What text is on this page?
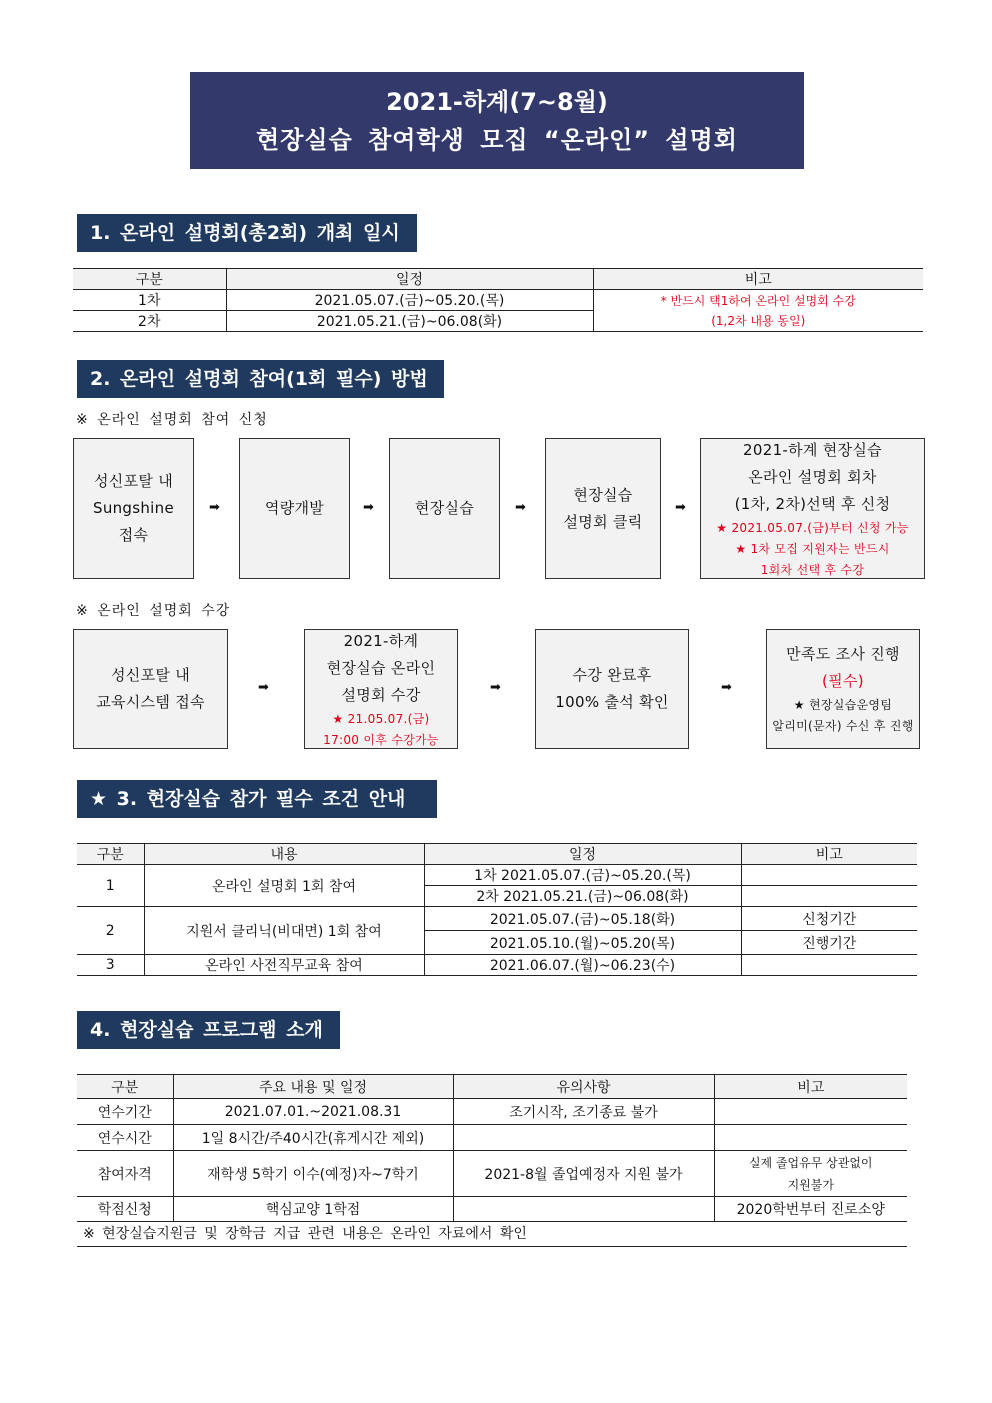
2021-하계(7~8월)
현장실습 참여학생 모집 “온라인” 설명회
1. 온라인 설명회(총2회) 개최 일시
구분	일정	비고
1차	2021.05.07.(금)~05.20.(목)	* 반드시 택1하여 온라인 설명회 수강
(1,2차 내용 동일)

2차	2021.05.21.(금)~06.08(화)	
2. 온라인 설명회 참여(1회 필수) 방법
※ 온라인 설명회 참여 신청
성신포탈 내
Sungshine
접속
➡	역량개발	➡	현장실습	➡
현장실습
설명회 클릭
➡
2021-하계 현장실습
온라인 설명회 회차
(1차, 2차)선택 후 신청
★ 2021.05.07.(금)부터 신청 가능
★ 1차 모집 지원자는 반드시
1회차 선택 후 수강
※ 온라인 설명회 수강
성신포탈 내
교육시스템 접속
➡
2021-하계
현장실습 온라인
설명회 수강
★ 21.05.07.(금)
17:00 이후 수강가능
➡
수강 완료후
100% 출석 확인
➡
만족도 조사 진행
(필수)
★ 현장실습운영팀
알리미(문자) 수신 후 진행
★ 3. 현장실습 참가 필수 조건 안내
구분	내용	일정	비고
1	온라인 설명회 1회 참여	1차 2021.05.07.(금)~05.20.(목)	
		2차 2021.05.21.(금)~06.08(화)	
2	지원서 클리닉(비대면) 1회 참여	2021.05.07.(금)~05.18(화)	신청기간
		2021.05.10.(월)~05.20(목)	진행기간
3	온라인 사전직무교육 참여	2021.06.07.(월)~06.23(수)	
4. 현장실습 프로그램 소개
구분	주요 내용 및 일정	유의사항	비고
연수기간	2021.07.01.~2021.08.31	조기시작, 조기종료 불가	
연수시간	1일 8시간/주40시간(휴게시간 제외)		
참여자격	재학생 5학기 이수(예정)자~7학기	2021-8월 졸업예정자 지원 불가	실제 졸업유무 상관없이
지원불가

학점신청	핵심교양 1학점		2020학번부터 진로소양
※ 현장실습지원금 및 장학금 지급 관련 내용은 온라인 자료에서 확인
